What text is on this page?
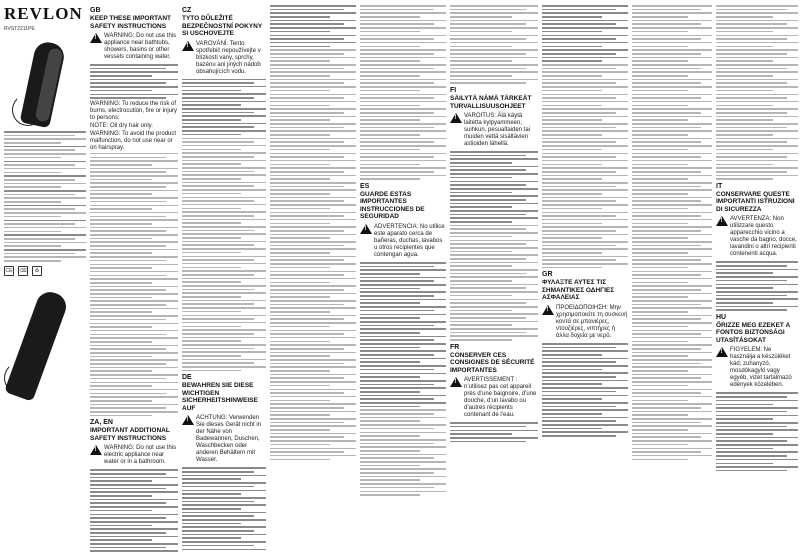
REVLON
RVST2211PE
CE	⌫	♻
GB
KEEP THESE IMPORTANT SAFETY INSTRUCTIONS
!
WARNING: Do not use this appliance near bathtubs, showers, basins or other vessels containing water.
WARNING: To reduce the risk of burns, electrocution, fire or injury to persons:
NOTE: Oil dry hair only.
WARNING: To avoid the product malfunction, do not use near or on hairspray.
ZA, EN
IMPORTANT ADDITIONAL SAFETY INSTRUCTIONS
!
WARNING: Do not use this electric appliance near water or in a bathroom.
CZ
TYTO DŮLEŽITÉ BEZPEČNOSTNÍ POKYNY SI USCHOVEJTE
!
VAROVÁNÍ: Tento spotřebič nepoužívejte v blízkosti vany, sprchy, bazénu ani jiných nádob obsahujících vodu.
DE
BEWAHREN SIE DIESE WICHTIGEN SICHERHEITSHINWEISE AUF
!
ACHTUNG: Verwenden Sie dieses Gerät nicht in der Nähe von Badewannen, Duschen, Waschbecken oder anderen Behältern mit Wasser.
ES
GUARDE ESTAS IMPORTANTES INSTRUCCIONES DE SEGURIDAD
!
ADVERTENCIA: No utilice este aparato cerca de bañeras, duchas, lavabos u otros recipientes que contengan agua.
FI
SÄILYTÄ NÄMÄ TÄRKEÄT TURVALLISUUSOHJEET
!
VAROITUS: Älä käytä laitetta kylpyammeen, suihkun, pesualtaiden tai muiden vettä sisältävien astioiden lähellä.
FR
CONSERVER CES CONSIGNES DE SÉCURITÉ IMPORTANTES
!
AVERTISSEMENT : n’utilisez pas cet appareil près d’une baignoire, d’une douche, d’un lavabo ou d’autres récipients contenant de l’eau.
GR
ΦΥΛΑΞΤΕ ΑΥΤΕΣ ΤΙΣ ΣΗΜΑΝΤΙΚΕΣ ΟΔΗΓΙΕΣ ΑΣΦΑΛΕΙΑΣ
!
ΠΡΟΕΙΔΟΠΟΙΗΣΗ: Μην χρησιμοποιείτε τη συσκευή κοντά σε μπανιέρες, ντουζιέρες, νιπτήρες ή άλλα δοχεία με νερό.
IT
CONSERVARE QUESTE IMPORTANTI ISTRUZIONI DI SICUREZZA
!
AVVERTENZA: Non utilizzare questo apparecchio vicino a vasche da bagno, docce, lavandini o altri recipienti contenenti acqua.
HU
ŐRIZZE MEG EZEKET A FONTOS BIZTONSÁGI UTASÍTÁSOKAT
!
FIGYELEM: Ne használja a készüléket kád, zuhanyzó, mosdókagyló vagy egyéb, vizet tartalmazó edények közelében.
